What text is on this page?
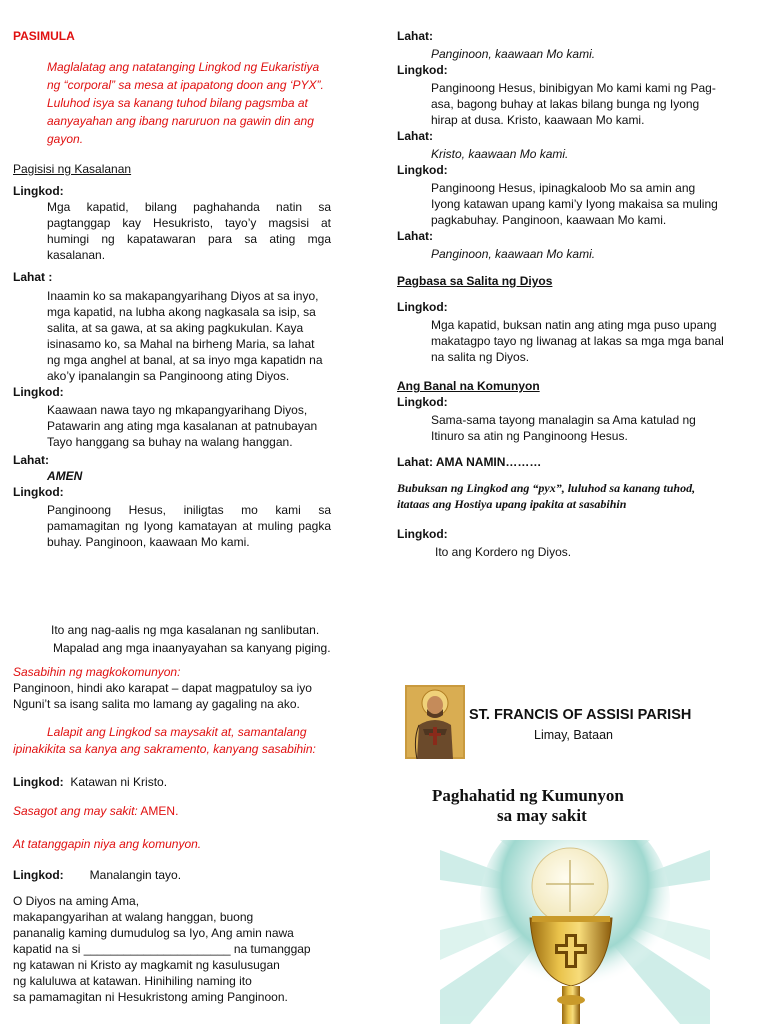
PASIMULA

Maglalatag ang natatanging Lingkod ng Eukaristiya ng “corporal” sa mesa at ipapatong doon ang ‘PYX”. Luluhod isya sa kanang tuhod bilang pagsmba at aanyayahan ang ibang naruruon na gawin din ang gayon.

Pagisisi ng Kasalanan

Lingkod:

Mga kapatid, bilang paghahanda natin sa pagtanggap kay Hesukristo, tayo’y magsisi at humingi ng kapatawaran para sa ating mga kasalanan.

Lahat :

Inaamin ko sa makapangyarihang Diyos at sa inyo, mga kapatid, na lubha akong nagkasala sa isip, sa salita, at sa gawa, at sa aking pagkukulan. Kaya isinasamo ko, sa Mahal na birheng Maria, sa lahat ng mga anghel at banal, at sa inyo mga kapatidn na ako’y ipanalangin sa Panginoong ating Diyos.

Lingkod:

Kaawaan nawa tayo ng mkapangyarihang Diyos, Patawarin ang ating mga kasalanan at patnubayan Tayo hanggang sa buhay na walang hanggan.

Lahat:

AMEN

Lingkod:

Panginoong Hesus, iniligtas mo kami sa pamamagitan ng Iyong kamatayan at muling pagka buhay. Panginoon, kaawaan Mo kami.

Lahat:

Panginoon, kaawaan Mo kami.

Lingkod:

Panginoong Hesus, binibigyan Mo kami kami ng Pag-asa, bagong buhay at lakas bilang bunga ng Iyong hirap at dusa. Kristo, kaawaan Mo kami.

Lahat:

Kristo, kaawaan Mo kami.

Lingkod:

Panginoong Hesus, ipinagkaloob Mo sa amin ang Iyong katawan upang kami’y Iyong makaisa sa muling pagkabuhay. Panginoon, kaawaan Mo kami.

Lahat:

Panginoon, kaawaan Mo kami.

Pagbasa sa Salita ng Diyos

Lingkod:

Mga kapatid, buksan natin ang ating mga puso upang makatagpo tayo ng liwanag at lakas sa mga mga banal na salita ng Diyos.

Ang Banal na Komunyon

Lingkod:

Sama-sama tayong manalagin sa Ama katulad ng Itinuro sa atin ng Panginoong Hesus.

Lahat: AMA NAMIN………

Bubuksan ng Lingkod ang “pyx”, luluhod sa kanang tuhod, itataas ang Hostiya upang ipakita at sasabihin

Lingkod:

Ito ang Kordero ng Diyos.

Ito ang nag-aalis ng mga kasalanan ng sanlibutan.

Mapalad ang mga inaanyayahan sa kanyang piging.

Sasabihin ng magkokomunyon:

Panginoon, hindi ako karapat – dapat magpatuloy sa iyo Nguni’t sa isang salita mo lamang ay gagaling na ako.

Lalapit ang Lingkod sa maysakit at, samantalang ipinakikita sa kanya ang sakramento, kanyang sasabihin:

Lingkod: Katawan ni Kristo.

Sasagot ang may sakit: AMEN.

At tatanggapin niya ang komunyon.

Lingkod: Manalangin tayo.

O Diyos na aming Ama,

makapangyarihan at walang hanggan, buong

pananalig kaming dumudulog sa Iyo, Ang amin nawa

kapatid na si ______________________ na tumanggap

ng katawan ni Kristo ay magkamit ng kasulusugan

ng kaluluwa at katawan. Hinihiling naming ito

sa pamamagitan ni Hesukristong aming Panginoon.

ST. FRANCIS OF ASSISI PARISH
Limay, Bataan
Paghahatid ng Kumunyon
sa may sakit
